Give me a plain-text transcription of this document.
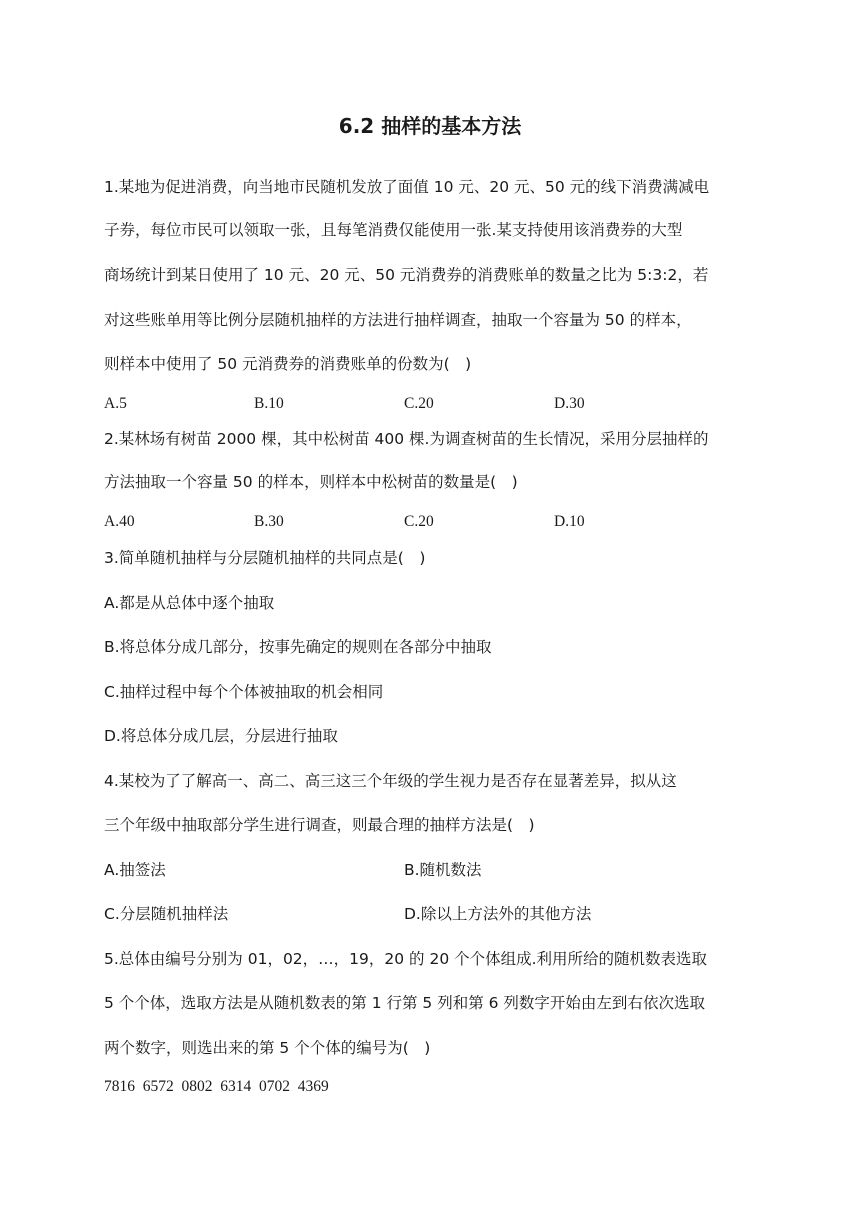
6.2 抽样的基本方法
1.某地为促进消费，向当地市民随机发放了面值 10 元、20 元、50 元的线下消费满减电
子券，每位市民可以领取一张，且每笔消费仅能使用一张.某支持使用该消费券的大型
商场统计到某日使用了 10 元、20 元、50 元消费券的消费账单的数量之比为 5:3:2，若
对这些账单用等比例分层随机抽样的方法进行抽样调查，抽取一个容量为 50 的样本，
则样本中使用了 50 元消费券的消费账单的份数为(　)
A.5	B.10	C.20	D.30
2.某林场有树苗 2000 棵，其中松树苗 400 棵.为调查树苗的生长情况，采用分层抽样的
方法抽取一个容量 50 的样本，则样本中松树苗的数量是(　)
A.40	B.30	C.20	D.10
3.简单随机抽样与分层随机抽样的共同点是(　)
A.都是从总体中逐个抽取
B.将总体分成几部分，按事先确定的规则在各部分中抽取
C.抽样过程中每个个体被抽取的机会相同
D.将总体分成几层，分层进行抽取
4.某校为了了解高一、高二、高三这三个年级的学生视力是否存在显著差异，拟从这
三个年级中抽取部分学生进行调查，则最合理的抽样方法是(　)
A.抽签法	B.随机数法
C.分层随机抽样法	D.除以上方法外的其他方法
5.总体由编号分别为 01，02，…，19，20 的 20 个个体组成.利用所给的随机数表选取
5 个个体，选取方法是从随机数表的第 1 行第 5 列和第 6 列数字开始由左到右依次选取
两个数字，则选出来的第 5 个个体的编号为(　)
7816  6572  0802  6314  0702  4369
